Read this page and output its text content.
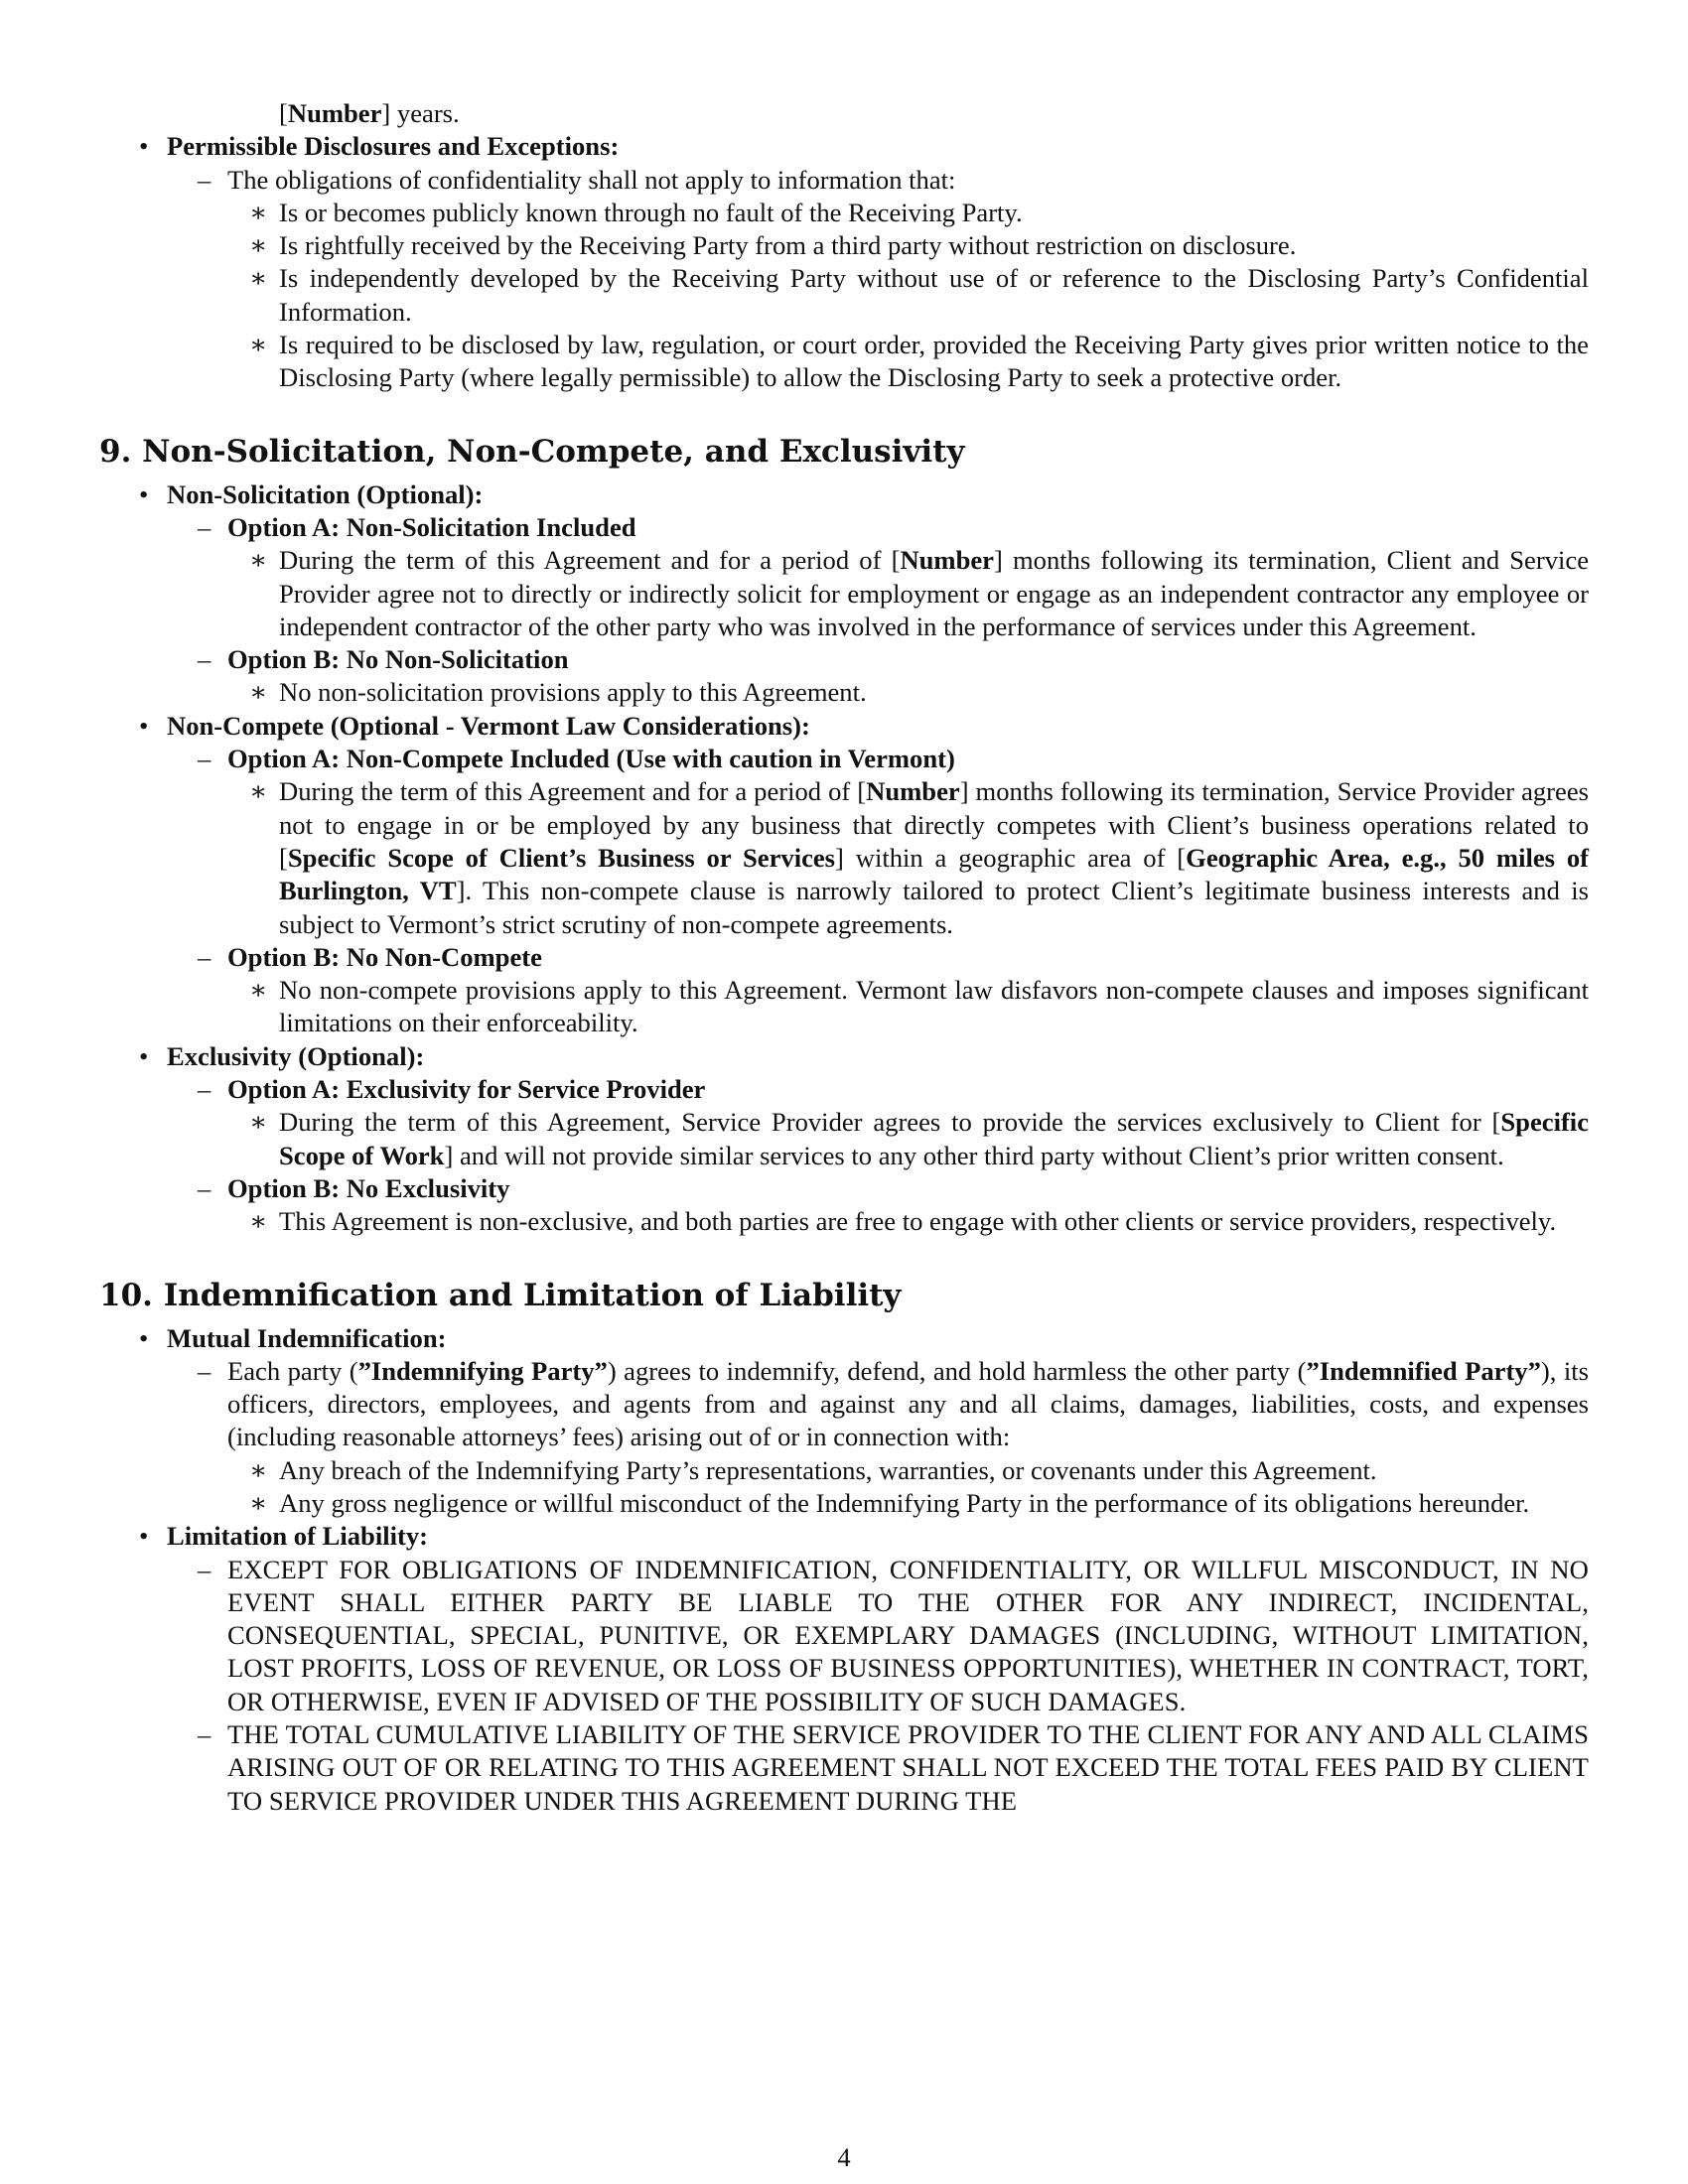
[Number] years.

• Permissible Disclosures and Exceptions:
– The obligations of confidentiality shall not apply to information that:
∗ Is or becomes publicly known through no fault of the Receiving Party.
∗ Is rightfully received by the Receiving Party from a third party without restriction on disclosure.
∗ Is independently developed by the Receiving Party without use of or reference to the Disclosing Party’s Confidential Information.
∗ Is required to be disclosed by law, regulation, or court order, provided the Receiving Party gives prior written notice to the Disclosing Party (where legally permissible) to allow the Disclosing Party to seek a protective order.
9. Non-Solicitation, Non-Compete, and Exclusivity
• Non-Solicitation (Optional):
– Option A: Non-Solicitation Included
∗ During the term of this Agreement and for a period of [Number] months following its termination, Client and Service Provider agree not to directly or indirectly solicit for employment or engage as an independent contractor any employee or independent contractor of the other party who was involved in the performance of services under this Agreement.
– Option B: No Non-Solicitation
∗ No non-solicitation provisions apply to this Agreement.
• Non-Compete (Optional - Vermont Law Considerations):
– Option A: Non-Compete Included (Use with caution in Vermont)
∗ During the term of this Agreement and for a period of [Number] months following its termination, Service Provider agrees not to engage in or be employed by any business that directly competes with Client’s business operations related to [Specific Scope of Client’s Business or Services] within a geographic area of [Geographic Area, e.g., 50 miles of Burlington, VT]. This non-compete clause is narrowly tailored to protect Client’s legitimate business interests and is subject to Vermont’s strict scrutiny of non-compete agreements.
– Option B: No Non-Compete
∗ No non-compete provisions apply to this Agreement. Vermont law disfavors non-compete clauses and imposes significant limitations on their enforceability.
• Exclusivity (Optional):
– Option A: Exclusivity for Service Provider
∗ During the term of this Agreement, Service Provider agrees to provide the services exclusively to Client for [Specific Scope of Work] and will not provide similar services to any other third party without Client’s prior written consent.
– Option B: No Exclusivity
∗ This Agreement is non-exclusive, and both parties are free to engage with other clients or service providers, respectively.
10. Indemnification and Limitation of Liability
• Mutual Indemnification:
– Each party (”Indemnifying Party”) agrees to indemnify, defend, and hold harmless the other party (”Indemnified Party”), its officers, directors, employees, and agents from and against any and all claims, damages, liabilities, costs, and expenses (including reasonable attorneys’ fees) arising out of or in connection with:
∗ Any breach of the Indemnifying Party’s representations, warranties, or covenants under this Agreement.
∗ Any gross negligence or willful misconduct of the Indemnifying Party in the performance of its obligations hereunder.
• Limitation of Liability:
– EXCEPT FOR OBLIGATIONS OF INDEMNIFICATION, CONFIDENTIALITY, OR WILLFUL MISCONDUCT, IN NO EVENT SHALL EITHER PARTY BE LIABLE TO THE OTHER FOR ANY INDIRECT, INCIDENTAL, CONSEQUENTIAL, SPECIAL, PUNITIVE, OR EXEMPLARY DAMAGES (INCLUDING, WITHOUT LIMITATION, LOST PROFITS, LOSS OF REVENUE, OR LOSS OF BUSINESS OPPORTUNITIES), WHETHER IN CONTRACT, TORT, OR OTHERWISE, EVEN IF ADVISED OF THE POSSIBILITY OF SUCH DAMAGES.
– THE TOTAL CUMULATIVE LIABILITY OF THE SERVICE PROVIDER TO THE CLIENT FOR ANY AND ALL CLAIMS ARISING OUT OF OR RELATING TO THIS AGREEMENT SHALL NOT EXCEED THE TOTAL FEES PAID BY CLIENT TO SERVICE PROVIDER UNDER THIS AGREEMENT DURING THE
4
